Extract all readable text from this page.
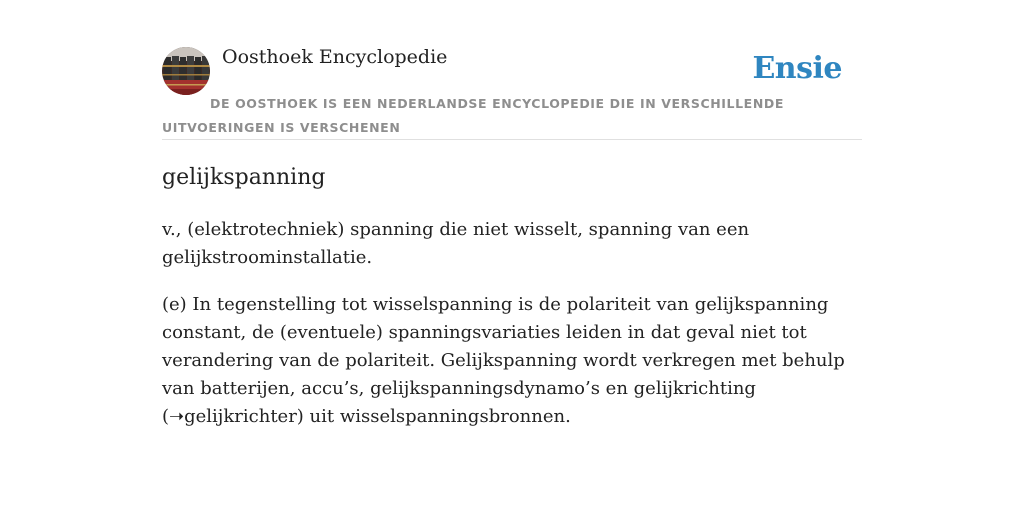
Oosthoek Encyclopedie	Ensie
DE OOSTHOEK IS EEN NEDERLANDSE ENCYCLOPEDIE DIE IN VERSCHILLENDE UITVOERINGEN IS VERSCHENEN
gelijkspanning

v., (elektrotechniek) spanning die niet wisselt, spanning van een gelijkstroominstallatie.

(e) In tegenstelling tot wisselspanning is de polariteit van gelijkspanning constant, de (eventuele) spanningsvariaties leiden in dat geval niet tot verandering van de polariteit. Gelijkspanning wordt verkregen met behulp van batterijen, accu’s, gelijkspanningsdynamo’s en gelijkrichting (➝gelijkrichter) uit wisselspanningsbronnen.
